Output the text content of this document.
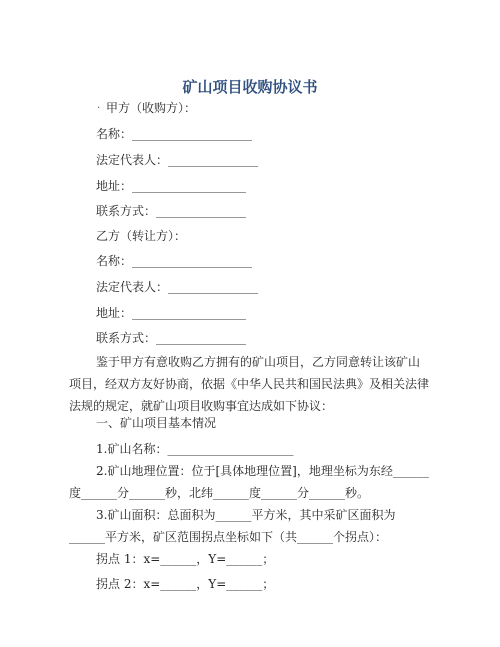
矿山项目收购协议书
· 甲方（收购方）：
名称：____________________
法定代表人：_______________
地址：___________________
联系方式：_______________
乙方（转让方）：
名称：____________________
法定代表人：_______________
地址：___________________
联系方式：_______________
鉴于甲方有意收购乙方拥有的矿山项目，乙方同意转让该矿山项目，经双方友好协商，依据《中华人民共和国民法典》及相关法律法规的规定，就矿山项目收购事宜达成如下协议：
一、矿山项目基本情况
1.矿山名称：_____________________
2.矿山地理位置：位于[具体地理位置]，地理坐标为东经______度______分______秒，北纬______度______分______秒。
3.矿山面积：总面积为______平方米，其中采矿区面积为______平方米，矿区范围拐点坐标如下（共______个拐点）：
拐点 1：x=______，Y=______；
拐点 2：x=______，Y=______；
